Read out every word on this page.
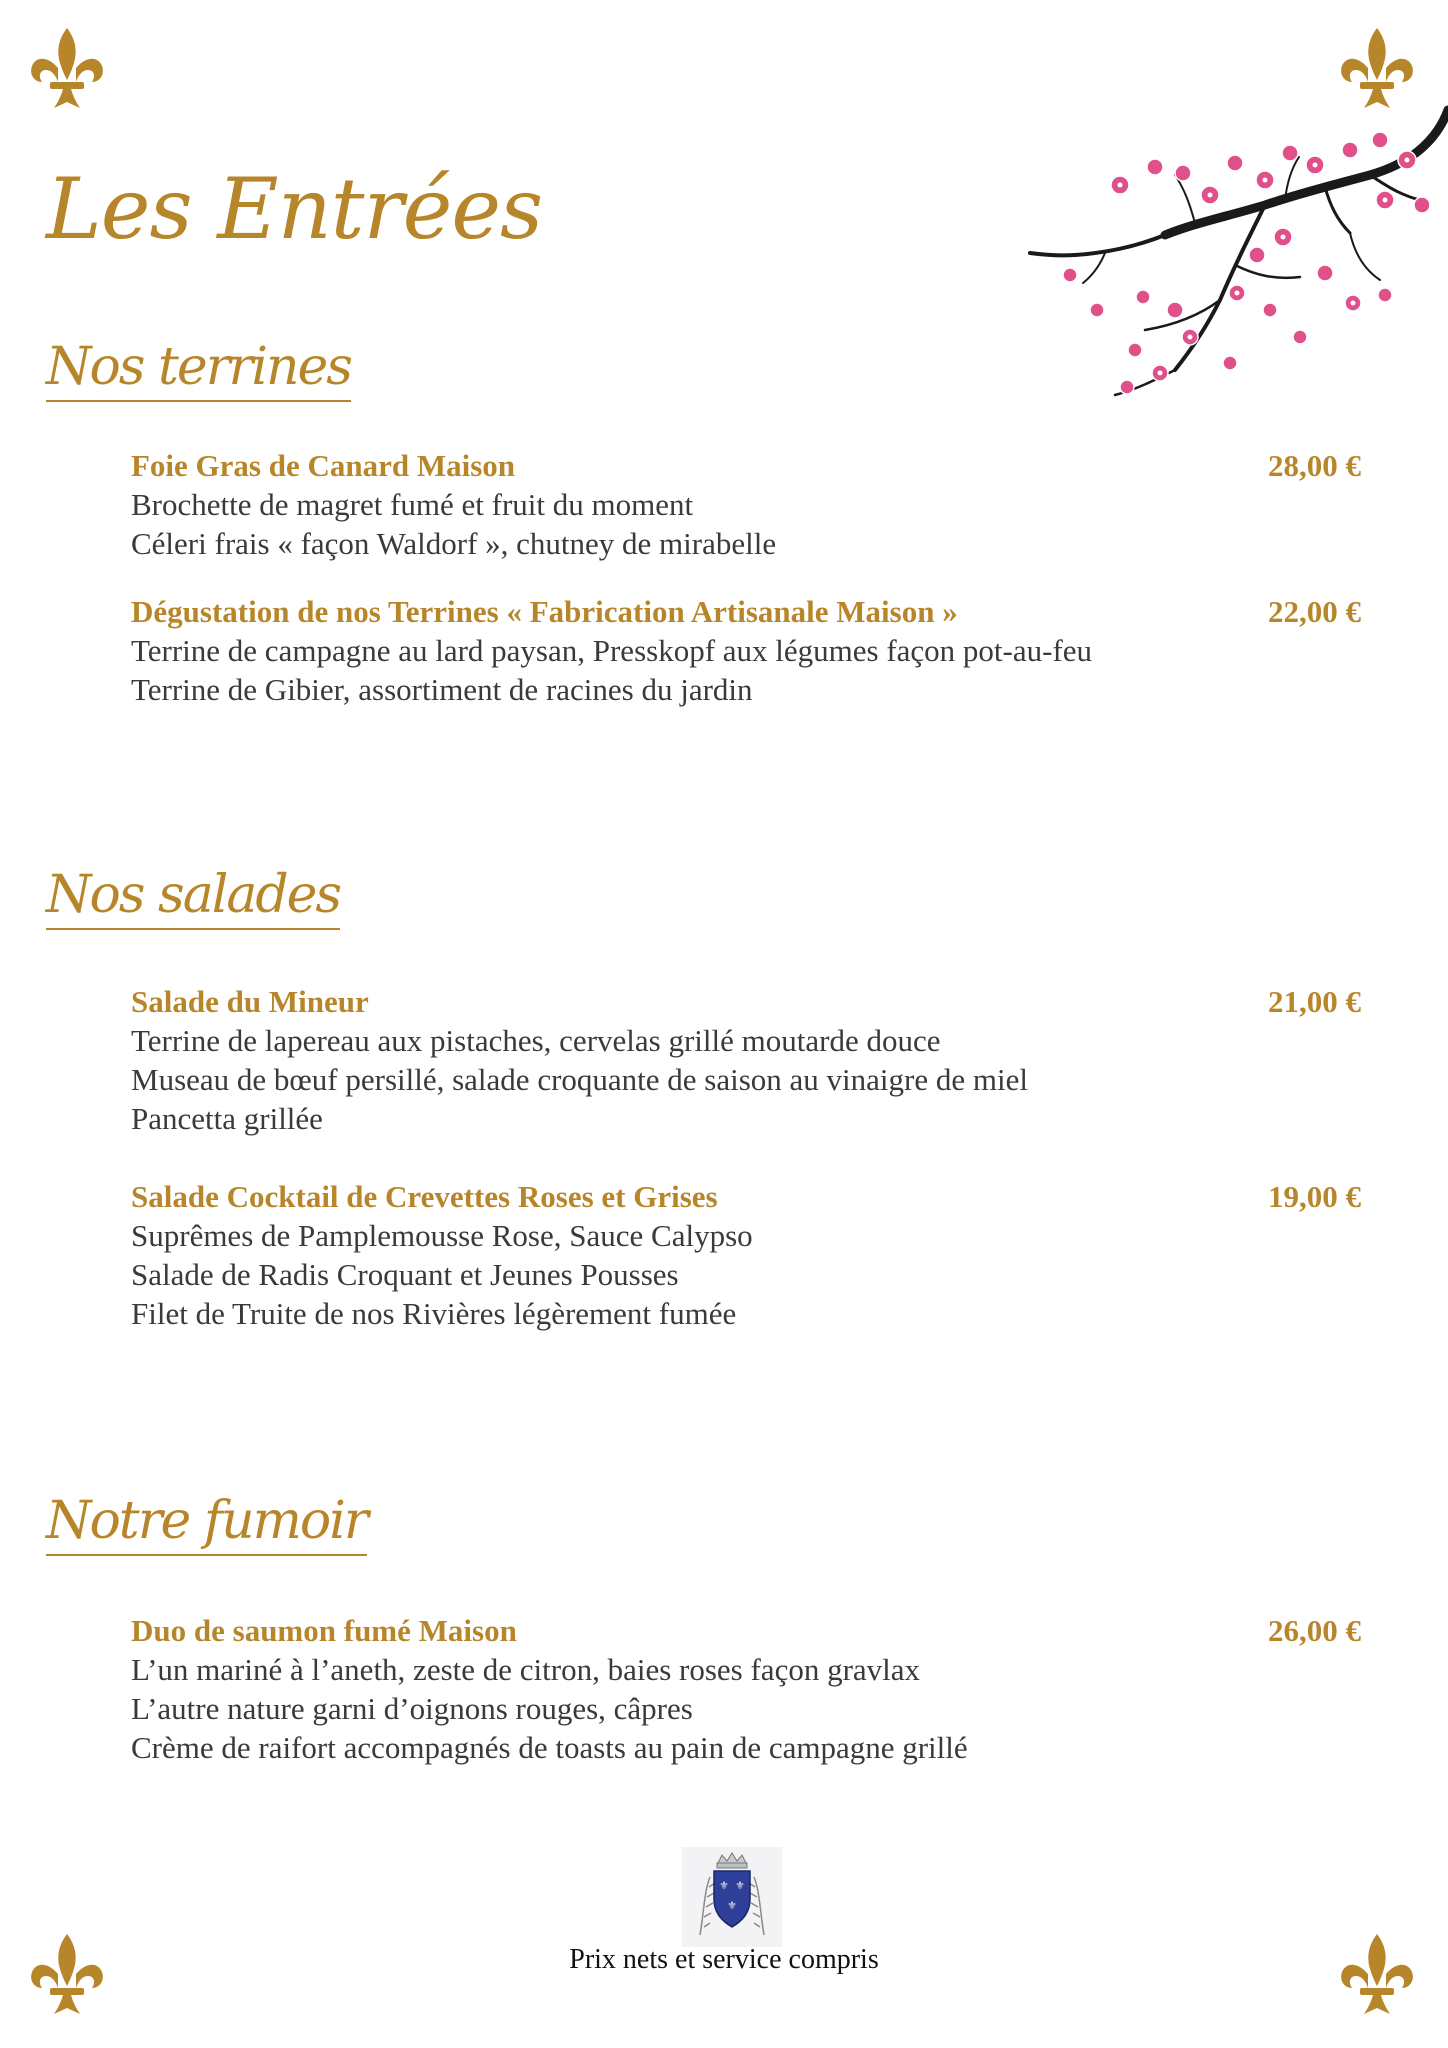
Les Entrées
Nos terrines
Foie Gras de Canard Maison	28,00 €
Brochette de magret fumé et fruit du moment
Céleri frais « façon Waldorf », chutney de mirabelle
Dégustation de nos Terrines « Fabrication Artisanale Maison »	22,00 €
Terrine de campagne au lard paysan, Presskopf aux légumes façon pot-au-feu
Terrine de Gibier, assortiment de racines du jardin
Nos salades
Salade du Mineur	21,00 €
Terrine de lapereau aux pistaches, cervelas grillé moutarde douce
Museau de bœuf persillé, salade croquante de saison au vinaigre de miel
Pancetta grillée
Salade Cocktail de Crevettes Roses et Grises	19,00 €
Suprêmes de Pamplemousse Rose, Sauce Calypso
Salade de Radis Croquant et Jeunes Pousses
Filet de Truite de nos Rivières légèrement fumée
Notre fumoir
Duo de saumon fumé Maison	26,00 €
L’un mariné à l’aneth, zeste de citron, baies roses façon gravlax
L’autre nature garni d’oignons rouges, câpres
Crème de raifort accompagnés de toasts au pain de campagne grillé
⚜ ⚜
⚜
Prix nets et service compris
